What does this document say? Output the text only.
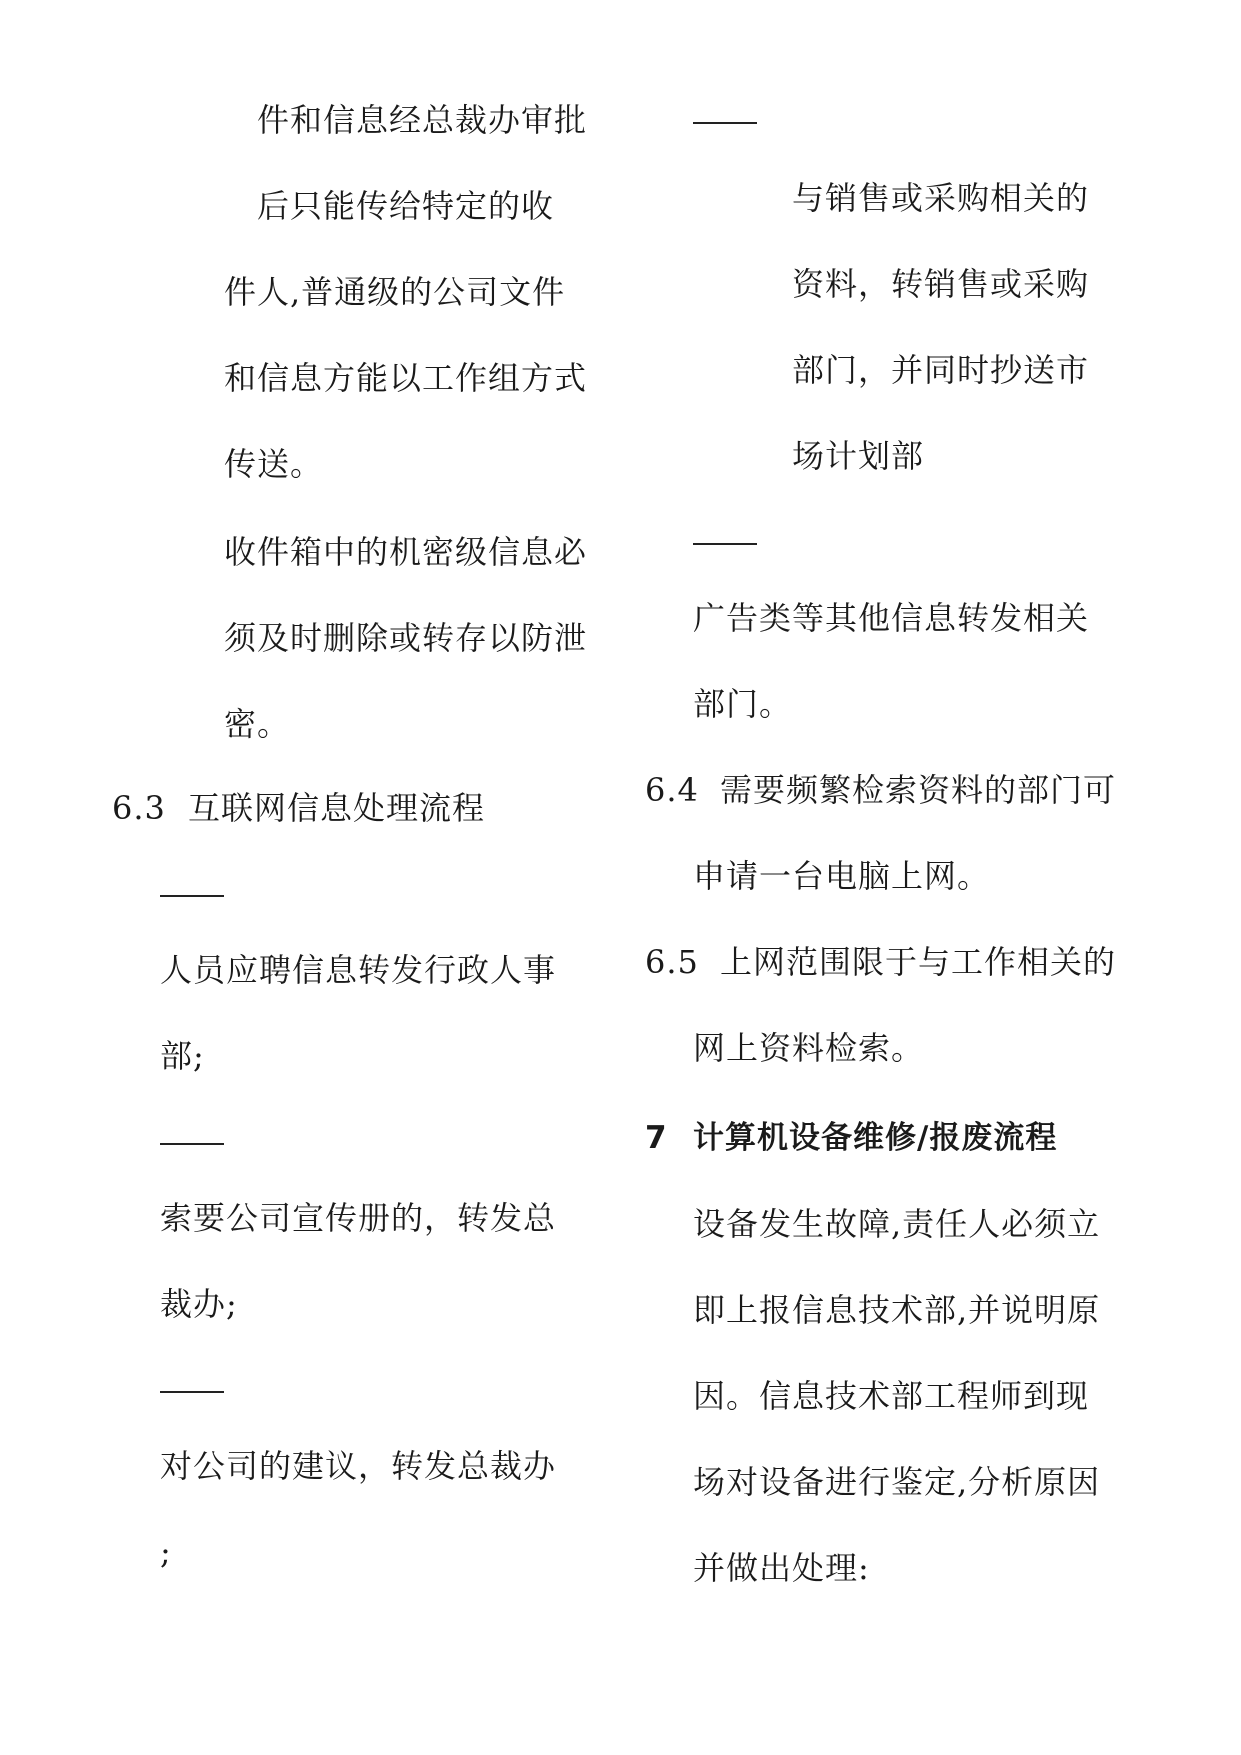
件和信息经总裁办审批
后只能传给特定的收
件人,普通级的公司文件
和信息方能以工作组方式
传送。
收件箱中的机密级信息必
须及时删除或转存以防泄
密。
6.3 互联网信息处理流程
人员应聘信息转发行政人事
部;
索要公司宣传册的，转发总
裁办;
对公司的建议，转发总裁办
;
与销售或采购相关的
资料，转销售或采购
部门，并同时抄送市
场计划部
广告类等其他信息转发相关
部门。
6.4 需要频繁检索资料的部门可
申请一台电脑上网。
6.5 上网范围限于与工作相关的
网上资料检索。
7 计算机设备维修/报废流程
设备发生故障,责任人必须立
即上报信息技术部,并说明原
因。信息技术部工程师到现
场对设备进行鉴定,分析原因
并做出处理:
